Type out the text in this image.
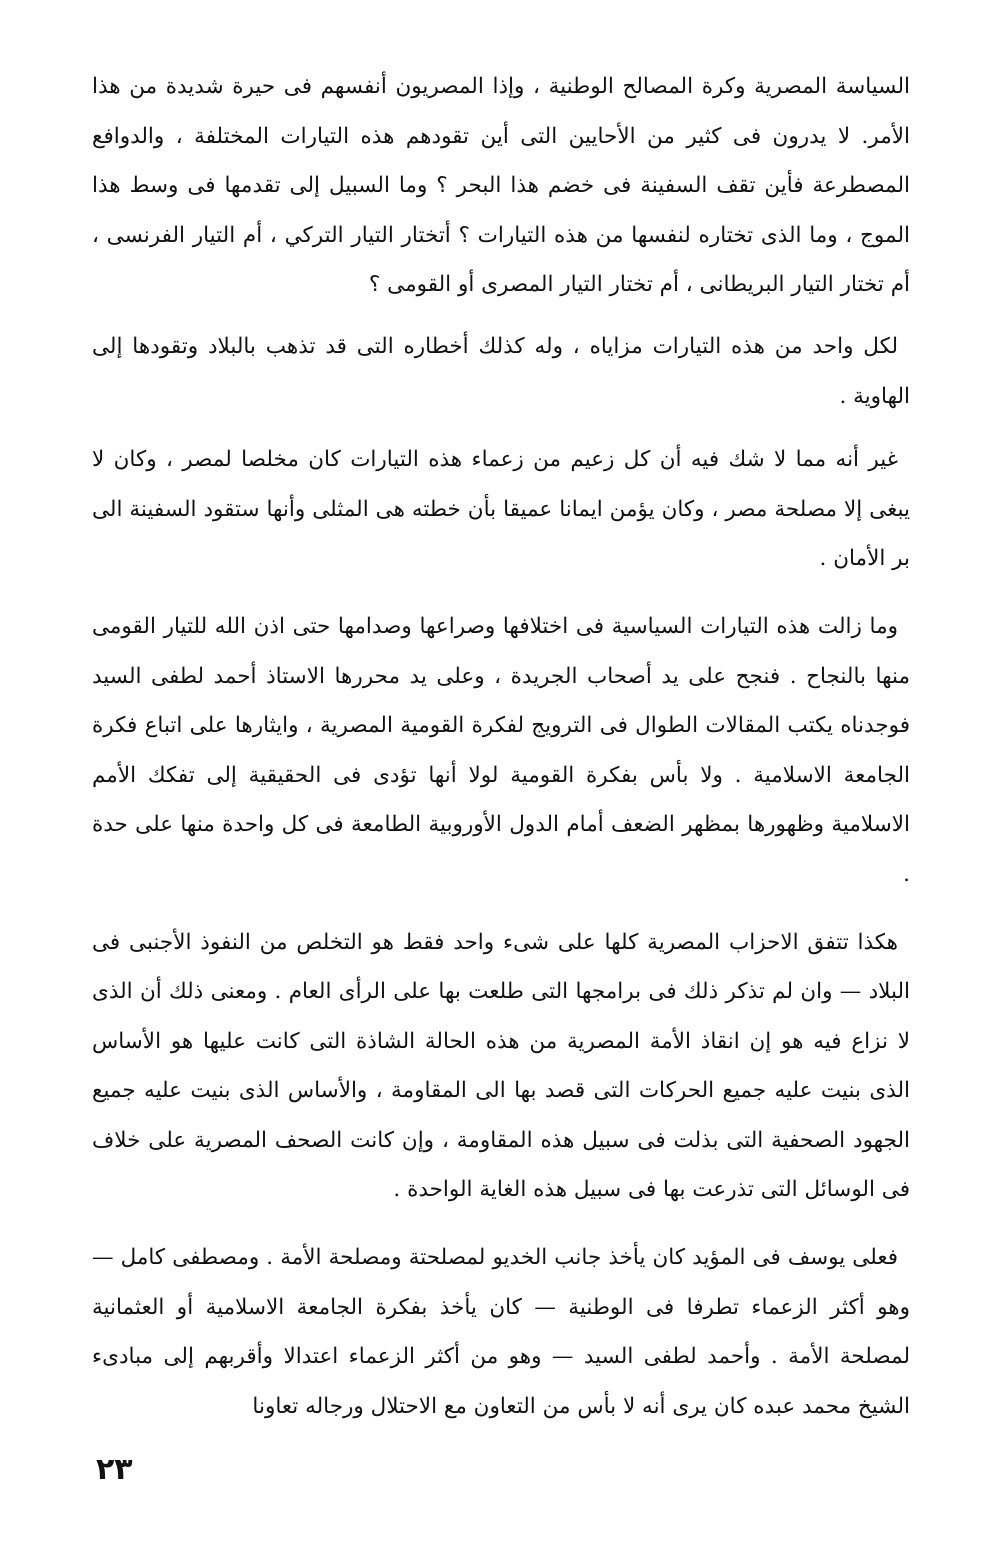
السياسة المصرية وكرة المصالح الوطنية ، وإذا المصريون أنفسهم فى حيرة شديدة من هذا الأمر. لا يدرون فى كثير من الأحايين التى أين تقودهم هذه التيارات المختلفة ، والدوافع المصطرعة فأين تقف السفينة فى خضم هذا البحر ؟ وما السبيل إلى تقدمها فى وسط هذا الموج ، وما الذى تختاره لنفسها من هذه التيارات ؟ أتختار التيار التركي ، أم التيار الفرنسى ، أم تختار التيار البريطانى ، أم تختار التيار المصرى أو القومى ؟

لكل واحد من هذه التيارات مزاياه ، وله كذلك أخطاره التى قد تذهب بالبلاد وتقودها إلى الهاوية .

غير أنه مما لا شك فيه أن كل زعيم من زعماء هذه التيارات كان مخلصا لمصر ، وكان لا يبغى إلا مصلحة مصر ، وكان يؤمن ايمانا عميقا بأن خطته هى المثلى وأنها ستقود السفينة الى بر الأمان .

وما زالت هذه التيارات السياسية فى اختلافها وصراعها وصدامها حتى اذن الله للتيار القومى منها بالنجاح . فنجح على يد أصحاب الجريدة ، وعلى يد محررها الاستاذ أحمد لطفى السيد فوجدناه يكتب المقالات الطوال فى الترويج لفكرة القومية المصرية ، وايثارها على اتباع فكرة الجامعة الاسلامية . ولا بأس بفكرة القومية لولا أنها تؤدى فى الحقيقية إلى تفكك الأمم الاسلامية وظهورها بمظهر الضعف أمام الدول الأوروبية الطامعة فى كل واحدة منها على حدة .

هكذا تتفق الاحزاب المصرية كلها على شىء واحد فقط هو التخلص من النفوذ الأجنبى فى البلاد — وان لم تذكر ذلك فى برامجها التى طلعت بها على الرأى العام . ومعنى ذلك أن الذى لا نزاع فيه هو إن انقاذ الأمة المصرية من هذه الحالة الشاذة التى كانت عليها هو الأساس الذى بنيت عليه جميع الحركات التى قصد بها الى المقاومة ، والأساس الذى بنيت عليه جميع الجهود الصحفية التى بذلت فى سبيل هذه المقاومة ، وإن كانت الصحف المصرية على خلاف فى الوسائل التى تذرعت بها فى سبيل هذه الغاية الواحدة .

فعلى يوسف فى المؤيد كان يأخذ جانب الخديو لمصلحتة ومصلحة الأمة . ومصطفى كامل — وهو أكثر الزعماء تطرفا فى الوطنية — كان يأخذ بفكرة الجامعة الاسلامية أو العثمانية لمصلحة الأمة . وأحمد لطفى السيد — وهو من أكثر الزعماء اعتدالا وأقربهم إلى مبادىء الشيخ محمد عبده كان يرى أنه لا بأس من التعاون مع الاحتلال ورجاله تعاونا

٢٣
